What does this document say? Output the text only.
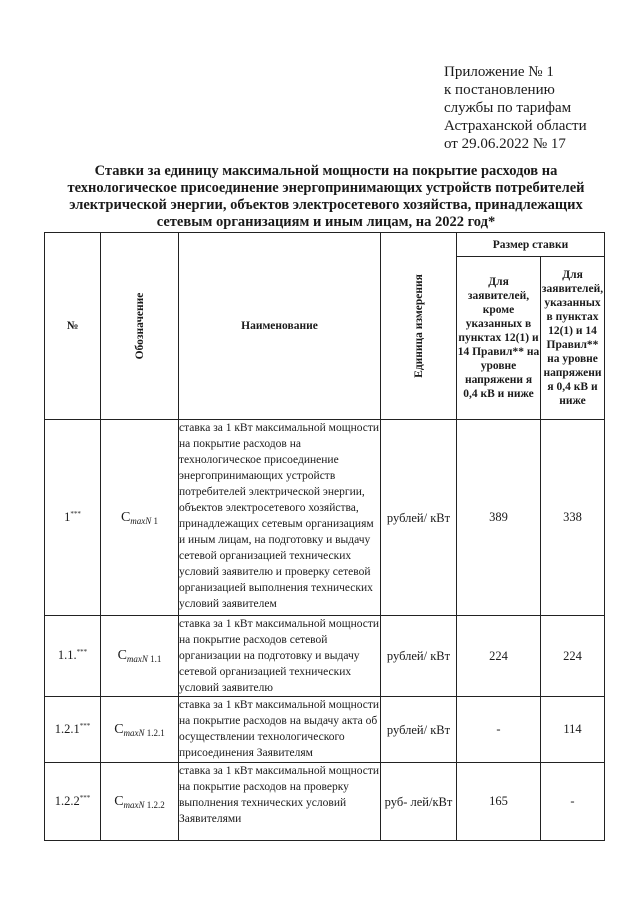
Приложение № 1
к постановлению
службы по тарифам
Астраханской области
от 29.06.2022 № 17
Ставки за единицу максимальной мощности на покрытие расходов на
технологическое присоединение энергопринимающих устройств потребителей
электрической энергии, объектов электросетевого хозяйства, принадлежащих
сетевым организациям и иным лицам, на 2022 год*
№	Обозначение	Наименование	Единица измерения	Размер ставки	
				Для заявителей, кроме указанных в пунктах 12(1) и 14 Правил** на уровне напряжени я 0,4 кВ и ниже	Для заявителей, указанных в пунктах 12(1) и 14 Правил** на уровне напряжени я 0,4 кВ и ниже
1***	$C_{maxN}$ $_1$	ставка за 1 кВт максимальной мощности на покрытие расходов на технологическое присоединение энергопринимающих устройств потребителей электрической энергии, объектов электросетевого хозяйства, принадлежащих сетевым организациям и иным лицам, на подготовку и выдачу сетевой организацией технических условий заявителю и проверку сетевой организацией выполнения технических условий заявителем	рублей/ кВт	389	338
1.1.***	$C_{maxN}$ $_{1.1}$	ставка за 1 кВт максимальной мощности на покрытие расходов сетевой организации на подготовку и выдачу сетевой организацией технических условий заявителю	рублей/ кВт	224	224
1.2.1***	$C_{maxN}$ $_{1.2.1}$	ставка за 1 кВт максимальной мощности на покрытие расходов на выдачу акта об осуществлении технологического присоединения Заявителям	рублей/ кВт	-	114
1.2.2***	$C_{maxN}$ $_{1.2.2}$	ставка за 1 кВт максимальной мощности на покрытие расходов на проверку выполнения технических условий Заявителями	руб- лей/кВт	165	-
